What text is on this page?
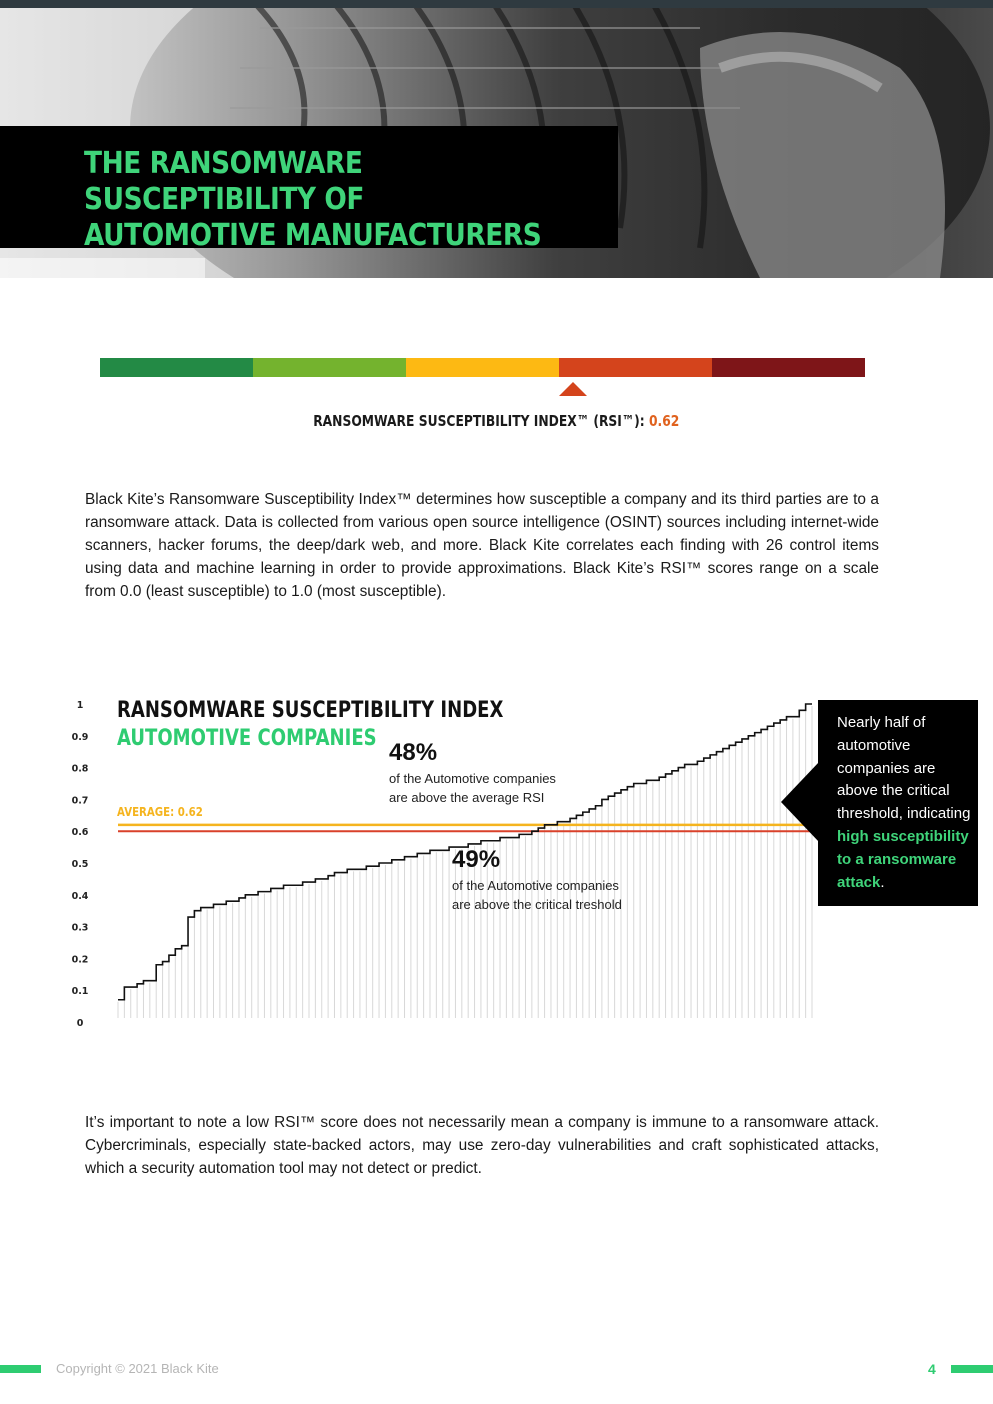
THE RANSOMWARE SUSCEPTIBILITY OF AUTOMOTIVE MANUFACTURERS
RANSOMWARE SUSCEPTIBILITY INDEX™ (RSI™): 0.62
Black Kite’s Ransomware Susceptibility Index™ determines how susceptible a company and its third parties are to a ransomware attack. Data is collected from various open source intelligence (OSINT) sources including internet-wide scanners, hacker forums, the deep/dark web, and more. Black Kite correlates each finding with 26 control items using data and machine learning in order to provide approximations. Black Kite’s RSI™ scores range on a scale from 0.0 (least susceptible) to 1.0 (most susceptible).
0
0.1
0.2
0.3
0.4
0.5
0.6
0.7
0.8
0.9
1 RANSOMWARE SUSCEPTIBILITY INDEX
AUTOMOTIVE COMPANIES
AVERAGE: 0.62
48%
of the Automotive companies
are above the average RSI
49%
of the Automotive companies
are above the critical treshold
Nearly half of automotive companies are above the critical threshold, indicating high susceptibility to a ransomware attack.
It’s important to note a low RSI™ score does not necessarily mean a company is immune to a ransomware attack. Cybercriminals, especially state-backed actors, may use zero-day vulnerabilities and craft sophisticated attacks, which a security automation tool may not detect or predict.
Copyright © 2021 Black Kite	4
